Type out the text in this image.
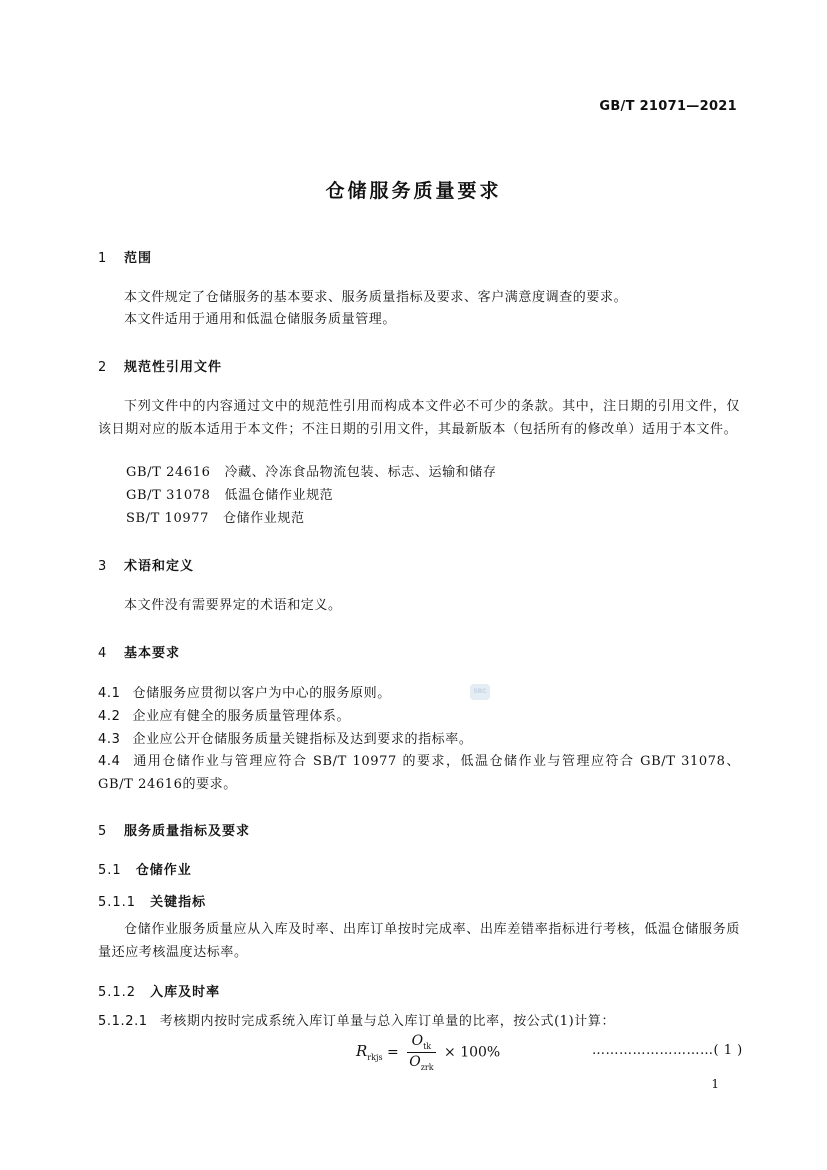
GB/T 21071—2021
仓储服务质量要求
1 范围
本文件规定了仓储服务的基本要求、服务质量指标及要求、客户满意度调查的要求。
本文件适用于通用和低温仓储服务质量管理。
2 规范性引用文件
下列文件中的内容通过文中的规范性引用而构成本文件必不可少的条款。其中，注日期的引用文件，仅该日期对应的版本适用于本文件；不注日期的引用文件，其最新版本（包括所有的修改单）适用于本文件。
GB/T 24616 冷藏、冷冻食品物流包装、标志、运输和储存
GB/T 31078 低温仓储作业规范
SB/T 10977 仓储作业规范
3 术语和定义
本文件没有需要界定的术语和定义。
4 基本要求
4.1 仓储服务应贯彻以客户为中心的服务原则。	SRC
4.2 企业应有健全的服务质量管理体系。
4.3 企业应公开仓储服务质量关键指标及达到要求的指标率。
4.4 通用仓储作业与管理应符合 SB/T 10977 的要求，低温仓储作业与管理应符合 GB/T 31078、GB/T 24616的要求。
5 服务质量指标及要求
5.1 仓储作业
5.1.1 关键指标
仓储作业服务质量应从入库及时率、出库订单按时完成率、出库差错率指标进行考核，低温仓储服务质量还应考核温度达标率。
5.1.2 入库及时率
5.1.2.1 考核期内按时完成系统入库订单量与总入库订单量的比率，按公式(1)计算：
$R_{rkjs} = \frac{O_{tk}}{O_{zrk}} \times 100\%$	………………………( 1 )
1
